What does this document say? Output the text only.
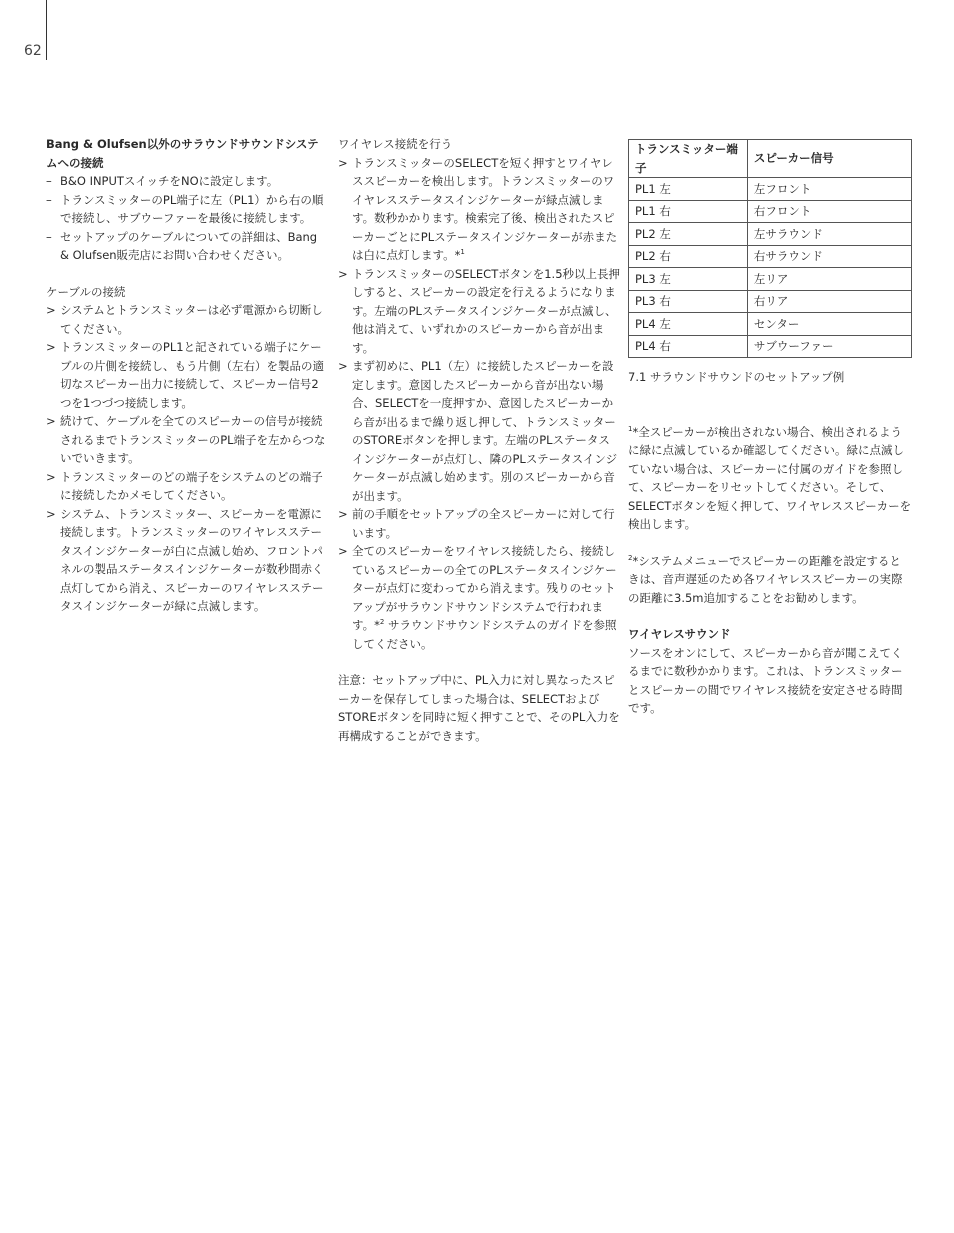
62

Bang & Olufsen以外のサラウンドサウンドシステムへの接続

– B&O INPUTスイッチをNOに設定します。

– トランスミッターのPL端子に左（PL1）から右の順で接続し、サブウーファーを最後に接続します。

– セットアップのケーブルについての詳細は、Bang & Olufsen販売店にお問い合わせください。

ケーブルの接続

> システムとトランスミッターは必ず電源から切断してください。

> トランスミッターのPL1と記されている端子にケーブルの片側を接続し、もう片側（左右）を製品の適切なスピーカー出力に接続して、スピーカー信号2つを1つづつ接続します。

> 続けて、ケーブルを全てのスピーカーの信号が接続されるまでトランスミッターのPL端子を左からつないでいきます。

> トランスミッターのどの端子をシステムのどの端子に接続したかメモしてください。

> システム、トランスミッター、スピーカーを電源に接続します。トランスミッターのワイヤレスステータスインジケーターが白に点滅し始め、フロントパネルの製品ステータスインジケーターが数秒間赤く点灯してから消え、スピーカーのワイヤレスステータスインジケーターが緑に点滅します。

ワイヤレス接続を行う

> トランスミッターのSELECTを短く押すとワイヤレススピーカーを検出します。トランスミッターのワイヤレスステータスインジケーターが緑点滅します。数秒かかります。検索完了後、検出されたスピーカーごとにPLステータスインジケーターが赤または白に点灯します。*$^1$

> トランスミッターのSELECTボタンを1.5秒以上長押しすると、スピーカーの設定を行えるようになります。左端のPLステータスインジケーターが点滅し、他は消えて、いずれかのスピーカーから音が出ます。

> まず初めに、PL1（左）に接続したスピーカーを設定します。意図したスピーカーから音が出ない場合、SELECTを一度押すか、意図したスピーカーから音が出るまで繰り返し押して、トランスミッターのSTOREボタンを押します。左端のPLステータスインジケーターが点灯し、隣のPLステータスインジケーターが点滅し始めます。別のスピーカーから音が出ます。

> 前の手順をセットアップの全スピーカーに対して行います。

> 全てのスピーカーをワイヤレス接続したら、接続しているスピーカーの全てのPLステータスインジケーターが点灯に変わってから消えます。残りのセットアップがサラウンドサウンドシステムで行われます。*$^2$ サラウンドサウンドシステムのガイドを参照してください。

注意：セットアップ中に、PL入力に対し異なったスピーカーを保存してしまった場合は、SELECTおよびSTOREボタンを同時に短く押すことで、そのPL入力を再構成することができます。

トランスミッター端子	スピーカー信号
PL1 左	左フロント
PL1 右	右フロント
PL2 左	左サラウンド
PL2 右	右サラウンド
PL3 左	左リア
PL3 右	右リア
PL4 左	センター
PL4 右	サブウーファー

7.1 サラウンドサウンドのセットアップ例

$^1$*全スピーカーが検出されない場合、検出されるように緑に点滅しているか確認してください。緑に点滅していない場合は、スピーカーに付属のガイドを参照して、スピーカーをリセットしてください。そして、SELECTボタンを短く押して、ワイヤレススピーカーを検出します。

$^2$*システムメニューでスピーカーの距離を設定するときは、音声遅延のため各ワイヤレススピーカーの実際の距離に3.5m追加することをお勧めします。

ワイヤレスサウンド

ソースをオンにして、スピーカーから音が聞こえてくるまでに数秒かかります。これは、トランスミッターとスピーカーの間でワイヤレス接続を安定させる時間です。
